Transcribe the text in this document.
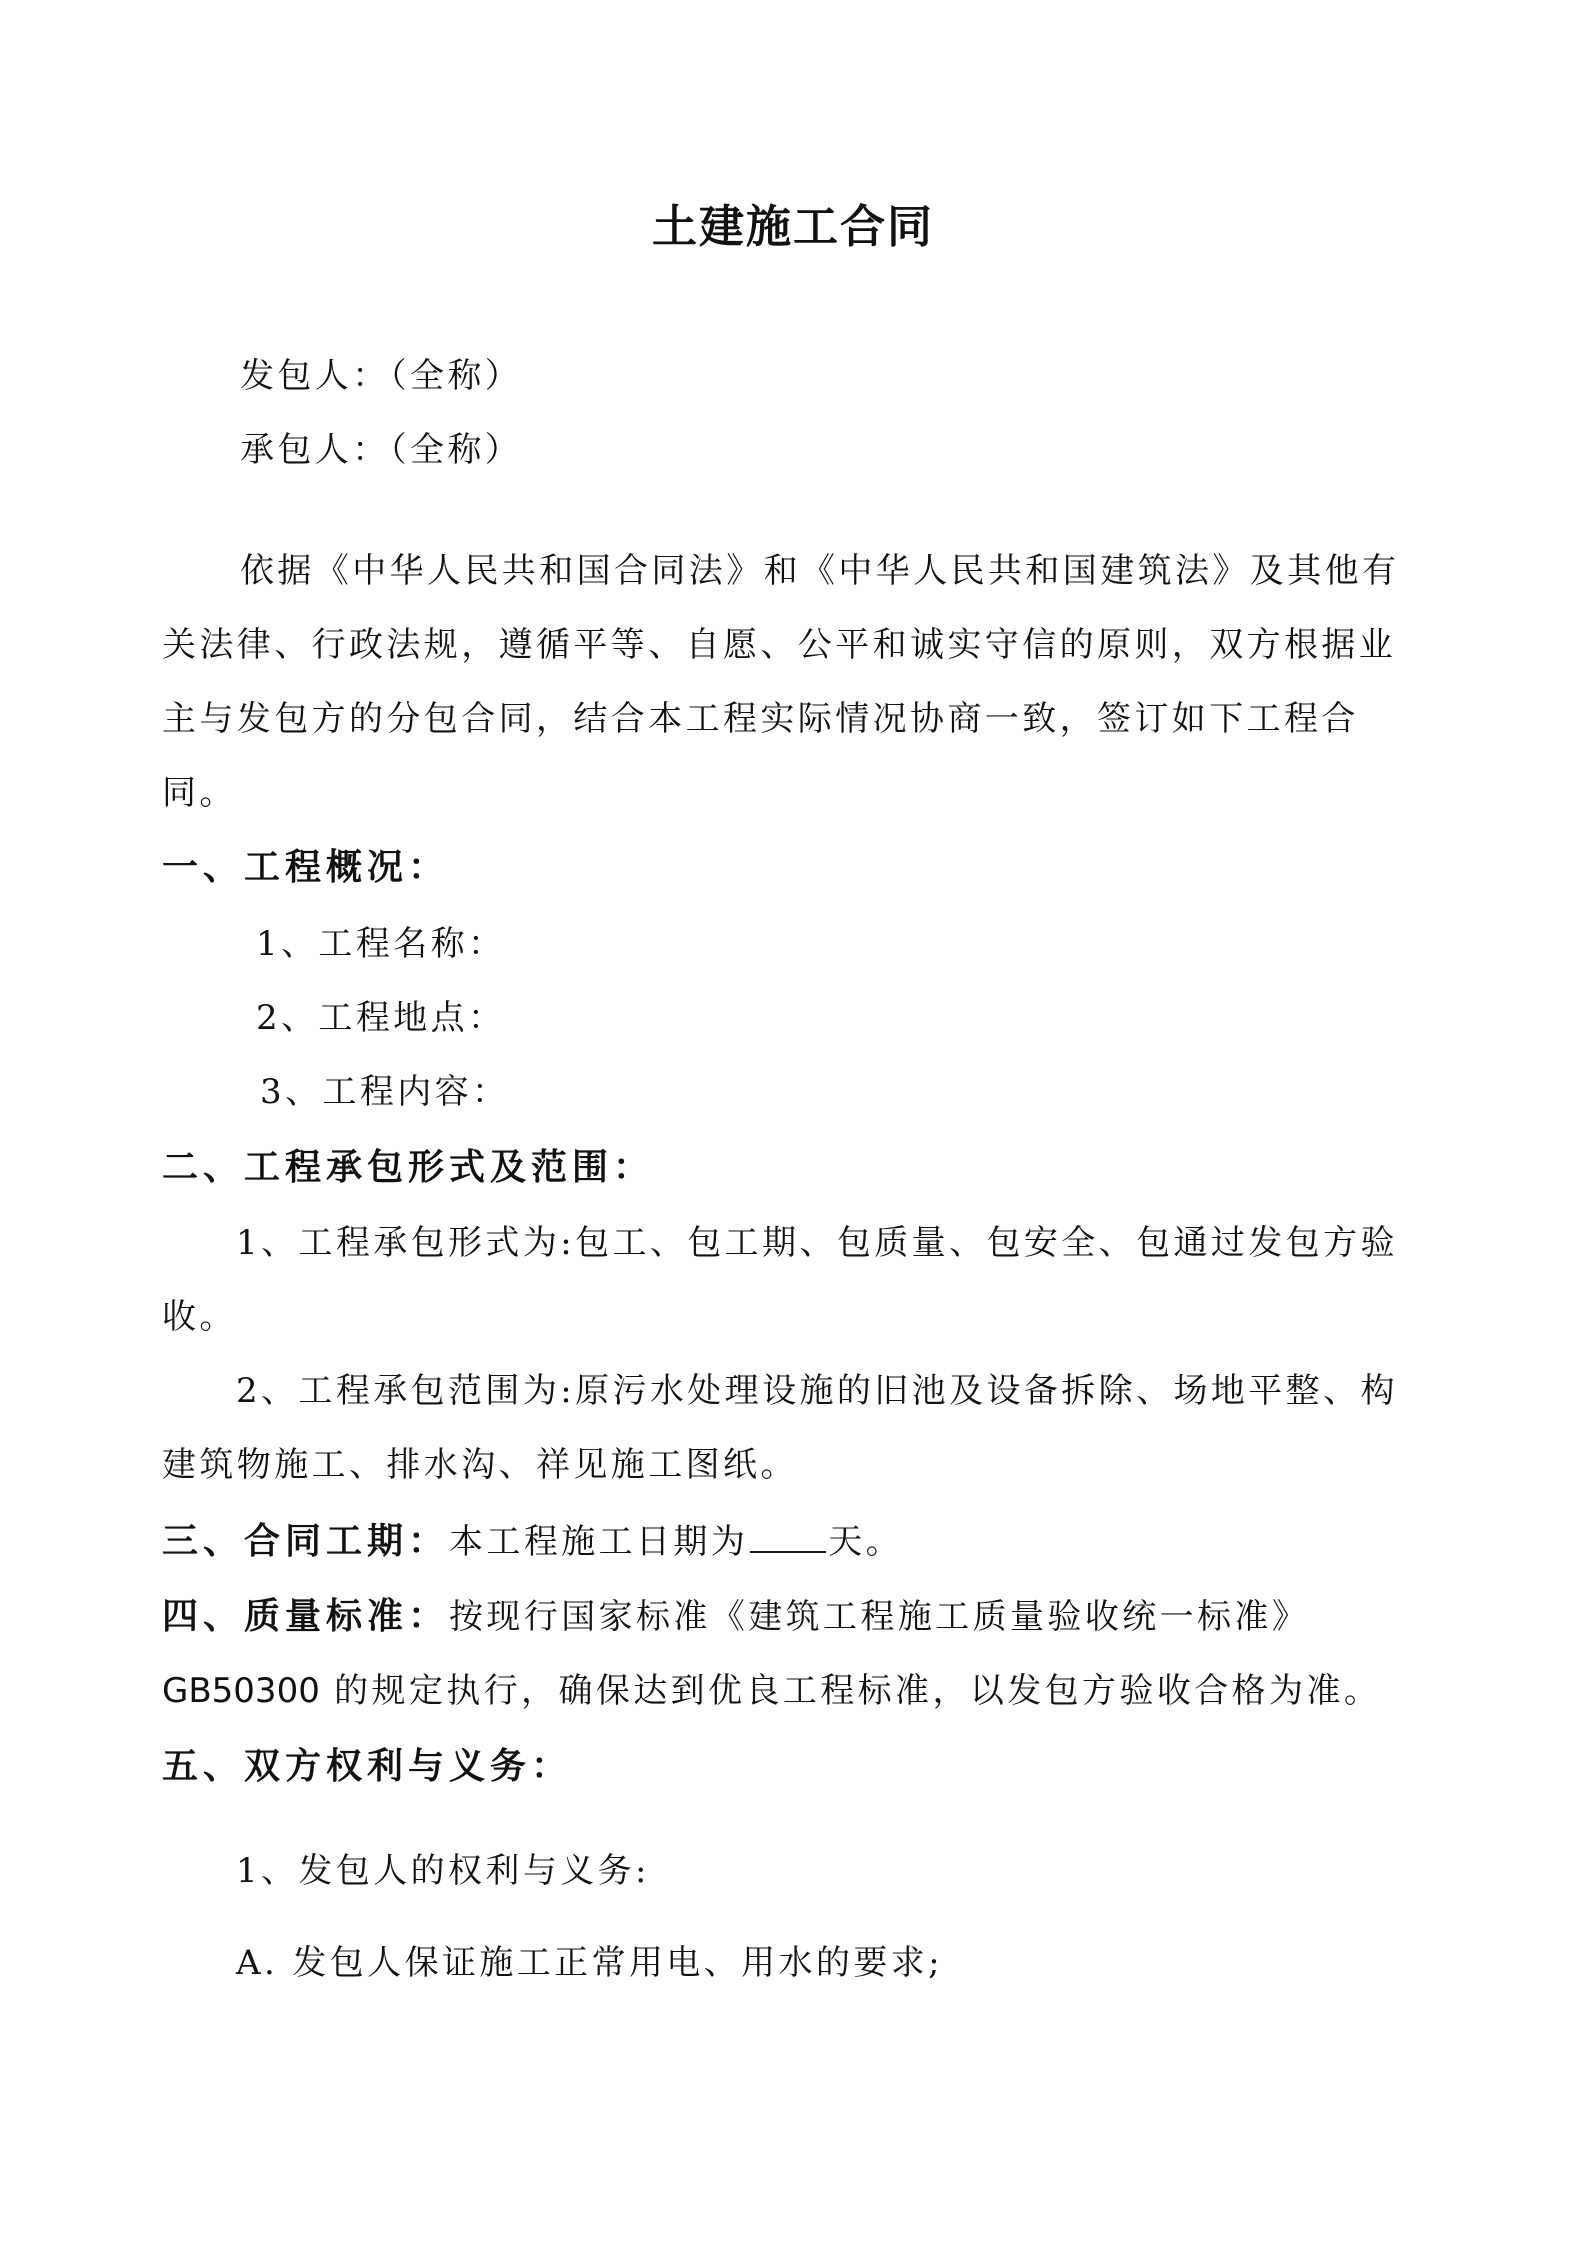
土建施工合同
发包人：（全称）
承包人：（全称）
依据《中华人民共和国合同法》和《中华人民共和国建筑法》及其他有
关法律、行政法规，遵循平等、自愿、公平和诚实守信的原则，双方根据业
主与发包方的分包合同，结合本工程实际情况协商一致，签订如下工程合
同。
一、工程概况：
1、工程名称：
2、工程地点：
3、工程内容：
二、工程承包形式及范围：
1、工程承包形式为:包工、包工期、包质量、包安全、包通过发包方验
收。
2、工程承包范围为:原污水处理设施的旧池及设备拆除、场地平整、构
建筑物施工、排水沟、祥见施工图纸。
三、合同工期：本工程施工日期为 天。
四、质量标准：按现行国家标准《建筑工程施工质量验收统一标准》
GB50300 的规定执行，确保达到优良工程标准，以发包方验收合格为准。
五、双方权利与义务：
1、发包人的权利与义务:
A. 发包人保证施工正常用电、用水的要求;
